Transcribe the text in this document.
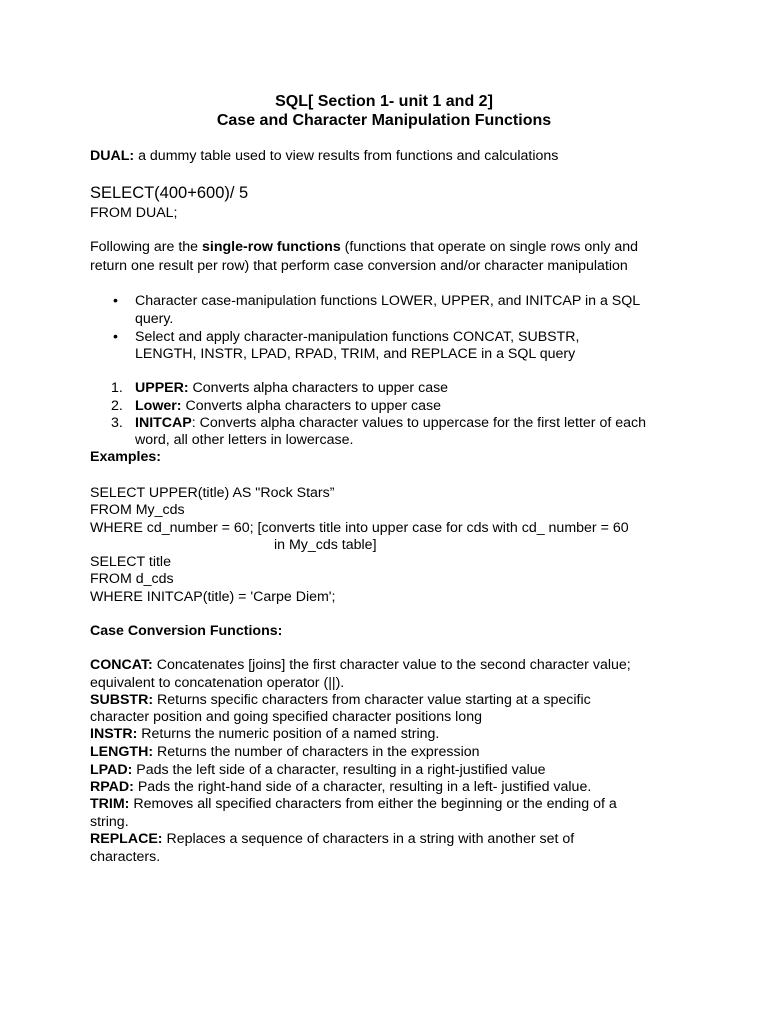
SQL[ Section 1- unit 1 and 2]
Case and Character Manipulation Functions
DUAL: a dummy table used to view results from functions and calculations
SELECT(400+600)/ 5
FROM DUAL;
Following are the single-row functions (functions that operate on single rows only and
return one result per row) that perform case conversion and/or character manipulation
• Character case-manipulation functions LOWER, UPPER, and INITCAP in a SQL
query.
• Select and apply character-manipulation functions CONCAT, SUBSTR,
LENGTH, INSTR, LPAD, RPAD, TRIM, and REPLACE in a SQL query
1. UPPER: Converts alpha characters to upper case
2. Lower: Converts alpha characters to upper case
3. INITCAP: Converts alpha character values to uppercase for the first letter of each
word, all other letters in lowercase.
Examples:
SELECT UPPER(title) AS "Rock Stars”
FROM My_cds
WHERE cd_number = 60; [converts title into upper case for cds with cd_ number = 60
in My_cds table]
SELECT title
FROM d_cds
WHERE INITCAP(title) = 'Carpe Diem';
Case Conversion Functions:
CONCAT: Concatenates [joins] the first character value to the second character value;
equivalent to concatenation operator (||).
SUBSTR: Returns specific characters from character value starting at a specific
character position and going specified character positions long
INSTR: Returns the numeric position of a named string.
LENGTH: Returns the number of characters in the expression
LPAD: Pads the left side of a character, resulting in a right-justified value
RPAD: Pads the right-hand side of a character, resulting in a left- justified value.
TRIM: Removes all specified characters from either the beginning or the ending of a
string.
REPLACE: Replaces a sequence of characters in a string with another set of
characters.
